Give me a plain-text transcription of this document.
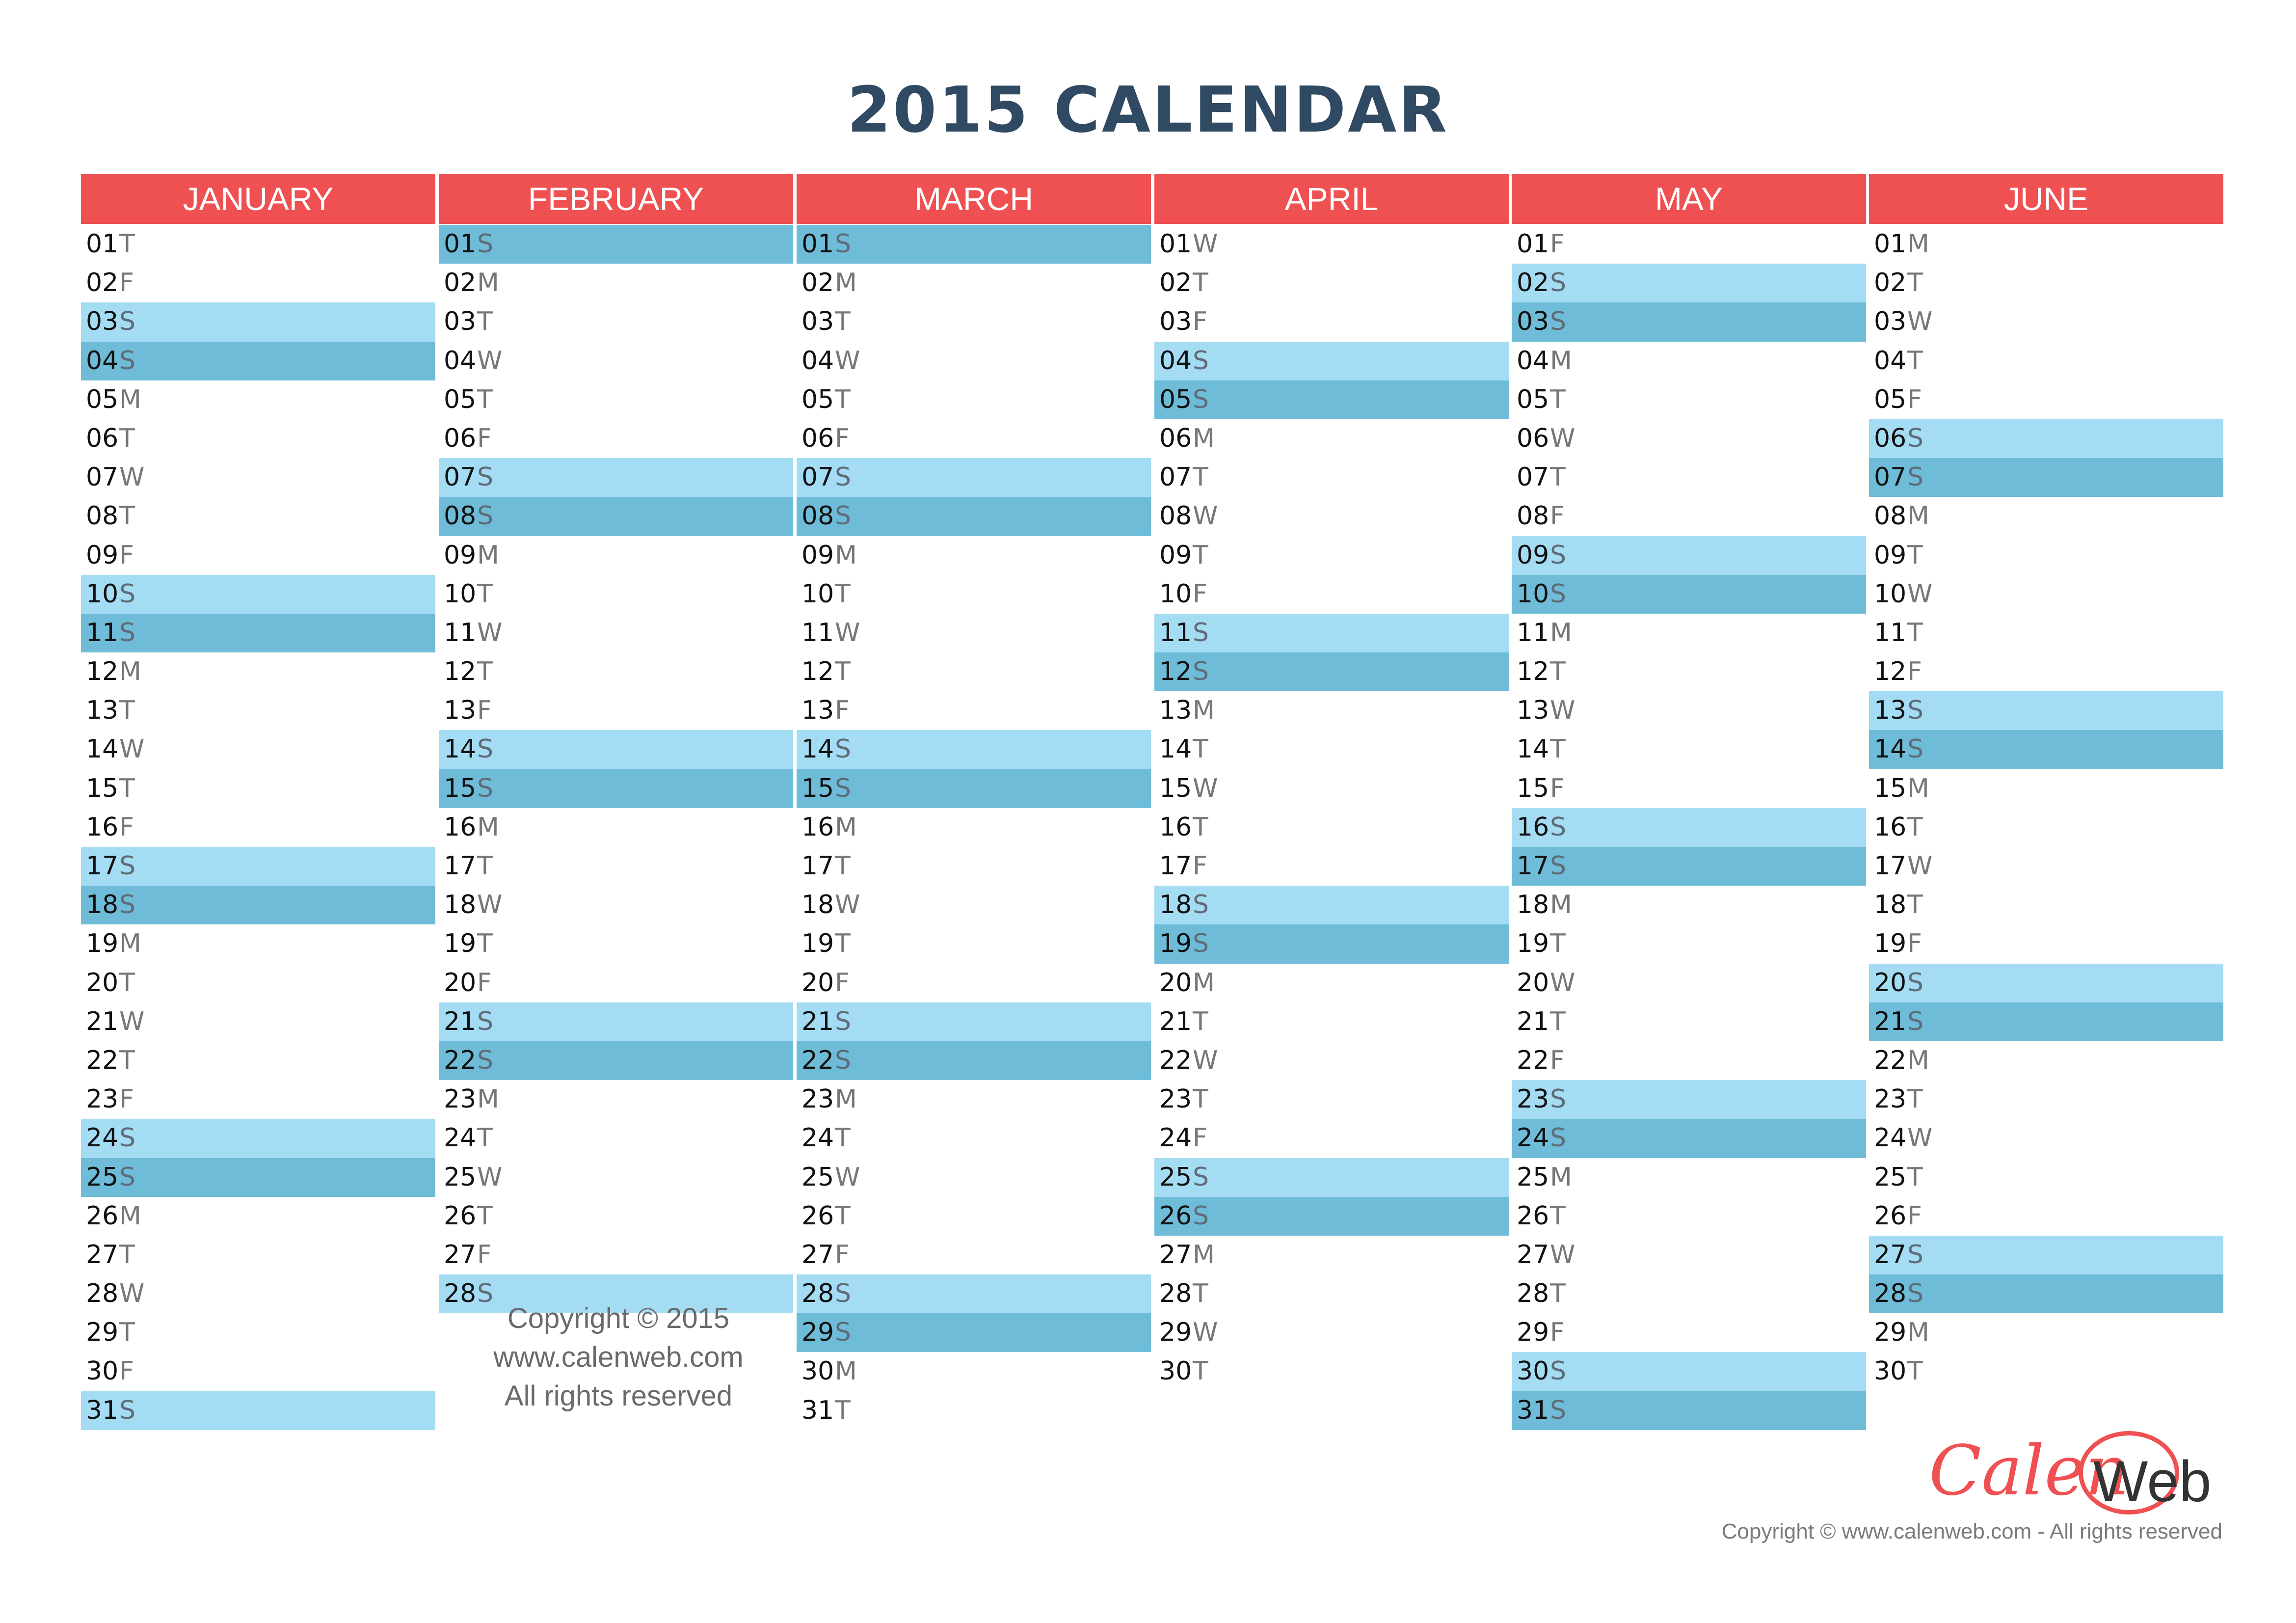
2015 CALENDAR
JANUARY
01 T
02 F
03 S
04 S
05 M
06 T
07 W
08 T
09 F
10 S
11 S
12 M
13 T
14 W
15 T
16 F
17 S
18 S
19 M
20 T
21 W
22 T
23 F
24 S
25 S
26 M
27 T
28 W
29 T
30 F
31 S
FEBRUARY
01 S
02 M
03 T
04 W
05 T
06 F
07 S
08 S
09 M
10 T
11 W
12 T
13 F
14 S
15 S
16 M
17 T
18 W
19 T
20 F
21 S
22 S
23 M
24 T
25 W
26 T
27 F
28 S
MARCH
01 S
02 M
03 T
04 W
05 T
06 F
07 S
08 S
09 M
10 T
11 W
12 T
13 F
14 S
15 S
16 M
17 T
18 W
19 T
20 F
21 S
22 S
23 M
24 T
25 W
26 T
27 F
28 S
29 S
30 M
31 T
APRIL
01 W
02 T
03 F
04 S
05 S
06 M
07 T
08 W
09 T
10 F
11 S
12 S
13 M
14 T
15 W
16 T
17 F
18 S
19 S
20 M
21 T
22 W
23 T
24 F
25 S
26 S
27 M
28 T
29 W
30 T
MAY
01 F
02 S
03 S
04 M
05 T
06 W
07 T
08 F
09 S
10 S
11 M
12 T
13 W
14 T
15 F
16 S
17 S
18 M
19 T
20 W
21 T
22 F
23 S
24 S
25 M
26 T
27 W
28 T
29 F
30 S
31 S
JUNE
01 M
02 T
03 W
04 T
05 F
06 S
07 S
08 M
09 T
10 W
11 T
12 F
13 S
14 S
15 M
16 T
17 W
18 T
19 F
20 S
21 S
22 M
23 T
24 W
25 T
26 F
27 S
28 S
29 M
30 T
Copyright © 2015
www.calenweb.com
All rights reserved
Calen
Web
Copyright © www.calenweb.com - All rights reserved
